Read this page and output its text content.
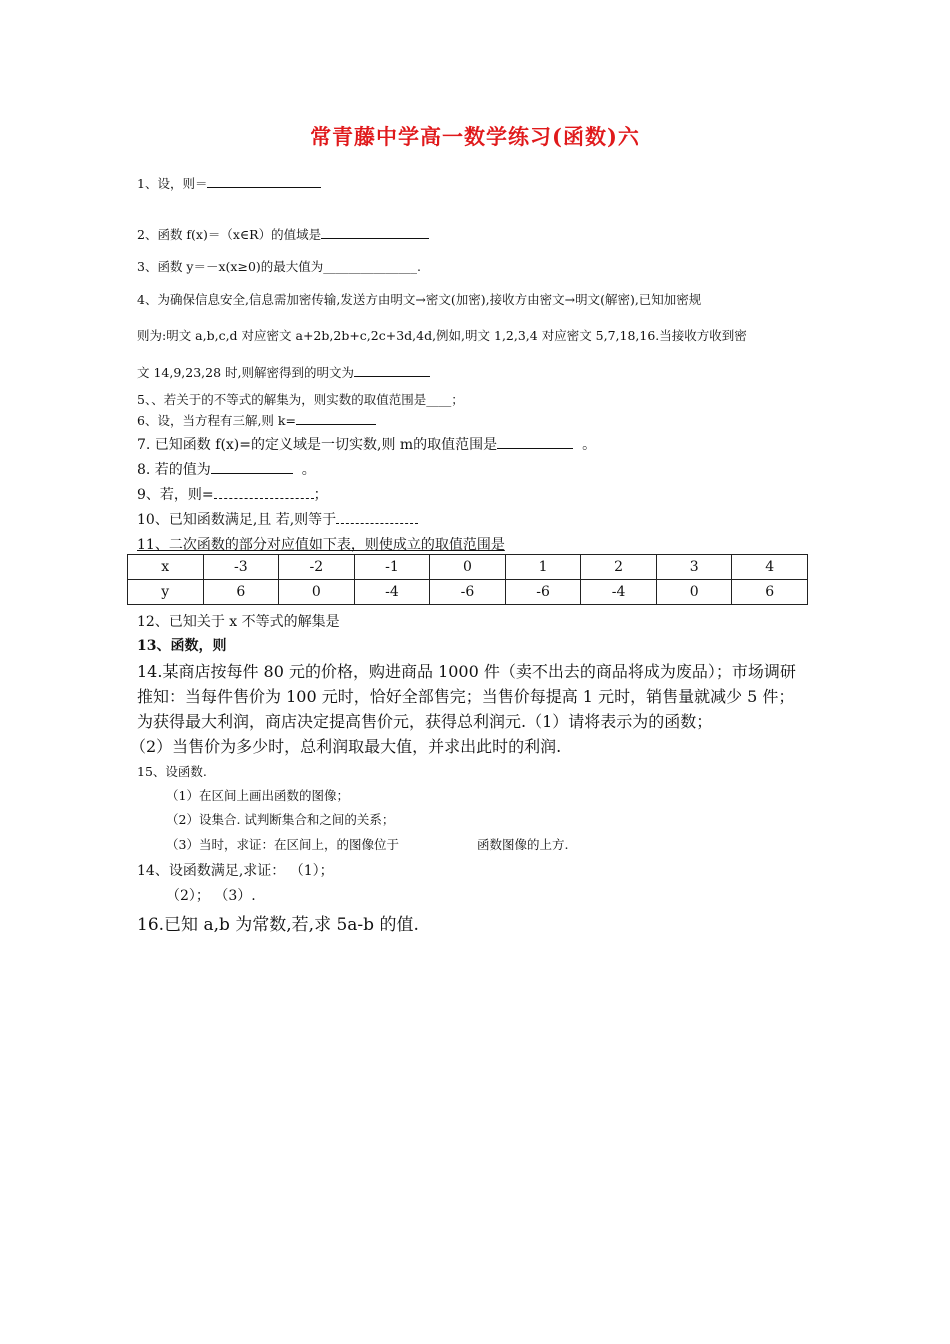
常青藤中学高一数学练习(函数)六
1、设，则＝
2、函数 f(x)＝（x∈R）的值域是
3、函数 y＝－x(x≥0)的最大值为_______________.
4、为确保信息安全,信息需加密传输,发送方由明文→密文(加密),接收方由密文→明文(解密),已知加密规
则为:明文 a,b,c,d 对应密文 a+2b,2b+c,2c+3d,4d,例如,明文 1,2,3,4 对应密文 5,7,18,16.当接收方收到密
文 14,9,23,28 时,则解密得到的明文为
5、、若关于的不等式的解集为，则实数的取值范围是____；
6、设，当方程有三解,则 k=
7. 已知函数 f(x)=的定义域是一切实数,则 m的取值范围是	。
8. 若的值为	。
9、若，则=	；
10、已知函数满足,且 若,则等于
11、二次函数的部分对应值如下表，则使成立的取值范围是
x	-3	-2	-1	0	1	2	3	4
y	6	0	-4	-6	-6	-4	0	6
12、已知关于 x 不等式的解集是
13、函数，则
14.某商店按每件 80 元的价格，购进商品 1000 件（卖不出去的商品将成为废品）；市场调研
推知：当每件售价为 100 元时，恰好全部售完；当售价每提高 1 元时，销售量就减少 5 件；
为获得最大利润，商店决定提高售价元，获得总利润元.（1）请将表示为的函数；
（2）当售价为多少时，总利润取最大值，并求出此时的利润.
15、设函数.
（1）在区间上画出函数的图像；
（2）设集合. 试判断集合和之间的关系；
（3）当时，求证：在区间上，的图像位于	函数图像的上方.
14、设函数满足,求证： （1）；
（2）； （3）.
16.已知 a,b 为常数,若,求 5a-b 的值.
